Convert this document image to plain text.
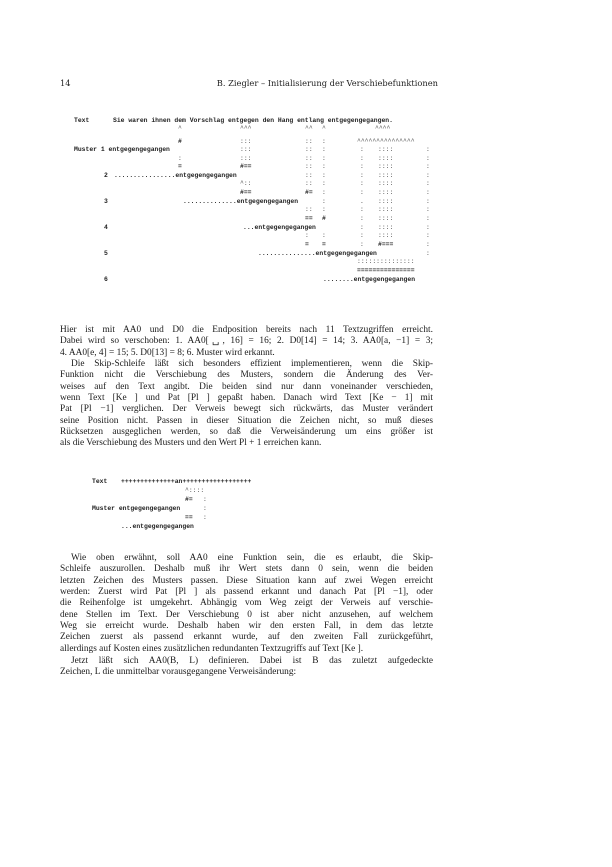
14	B. Ziegler – Initialisierung der Verschiebefunktionen
Text	Sie waren ihnen dem Vorschlag entgegen den Hang entlang entgegengegangen.
^	^^^	^^ ^	^^^^
#	:::	:: :	^^^^^^^^^^^^^^^
Muster 1 entgegengegangen	:::	:: :	: ::::	:
:	:::	:: :	: ::::	:
=	#==	:: :	: ::::	:
2 ................entgegengegangen	:: :	: ::::	:
^::	:: :	: ::::	:
#==	#= :	: ::::	:
3	..............entgegengegangen	:	. ::::	:
:: :	: ::::	:
== #	: ::::	:
4	...entgegengegangen	: ::::	:
: :	: ::::	:
= =	: #===	:
5	...............entgegengegangen	:
:::::::::::::::
===============
6	........entgegengegangen
Hier ist mit AA0 und D0 die Endposition bereits nach 11 Textzugriffen erreicht.
Dabei wird so verschoben: 1. AA0[␣, 16] = 16; 2. D0[14] = 14; 3. AA0[a, −1] = 3;
4. AA0[e, 4] = 15; 5. D0[13] = 8; 6. Muster wird erkannt.
Die Skip-Schleife läßt sich besonders effizient implementieren, wenn die Skip-
Funktion nicht die Verschiebung des Musters, sondern die Änderung des Ver-
weises auf den Text angibt. Die beiden sind nur dann voneinander verschieden,
wenn Text [Ke ] und Pat [Pl ] gepaßt haben. Danach wird Text [Ke − 1] mit
Pat [Pl −1] verglichen. Der Verweis bewegt sich rückwärts, das Muster verändert
seine Position nicht. Passen in dieser Situation die Zeichen nicht, so muß dieses
Rücksetzen ausgeglichen werden, so daß die Verweisänderung um eins größer ist
als die Verschiebung des Musters und den Wert Pl + 1 erreichen kann.
Text ++++++++++++++an++++++++++++++++++
^::::
#= :
Muster entgegengegangen	:
== :
...entgegengegangen
Wie oben erwähnt, soll AA0 eine Funktion sein, die es erlaubt, die Skip-
Schleife auszurollen. Deshalb muß ihr Wert stets dann 0 sein, wenn die beiden
letzten Zeichen des Musters passen. Diese Situation kann auf zwei Wegen erreicht
werden: Zuerst wird Pat [Pl ] als passend erkannt und danach Pat [Pl −1], oder
die Reihenfolge ist umgekehrt. Abhängig vom Weg zeigt der Verweis auf verschie-
dene Stellen im Text. Der Verschiebung 0 ist aber nicht anzusehen, auf welchem
Weg sie erreicht wurde. Deshalb haben wir den ersten Fall, in dem das letzte
Zeichen zuerst als passend erkannt wurde, auf den zweiten Fall zurückgeführt,
allerdings auf Kosten eines zusätzlichen redundanten Textzugriffs auf Text [Ke ].
Jetzt läßt sich AA0(B, L) definieren. Dabei ist B das zuletzt aufgedeckte
Zeichen, L die unmittelbar vorausgegangene Verweisänderung:
